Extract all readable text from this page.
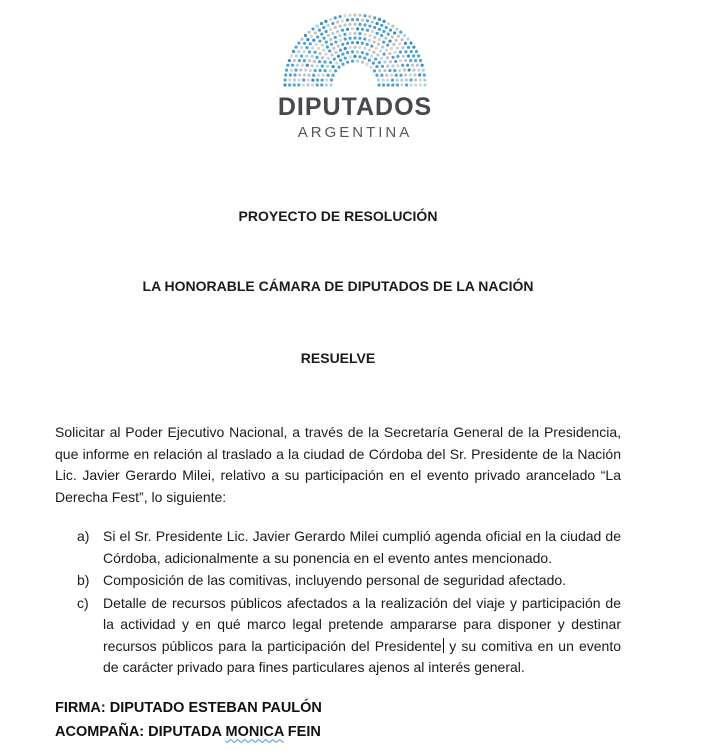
DIPUTADOS
ARGENTINA
PROYECTO DE RESOLUCIÓN
LA HONORABLE CÁMARA DE DIPUTADOS DE LA NACIÓN
RESUELVE
Solicitar al Poder Ejecutivo Nacional, a través de la Secretaría General de la Presidencia, que informe en relación al traslado a la ciudad de Córdoba del Sr. Presidente de la Nación Lic. Javier Gerardo Milei, relativo a su participación en el evento privado arancelado “La Derecha Fest”, lo siguiente:
a) Si el Sr. Presidente Lic. Javier Gerardo Milei cumplió agenda oficial en la ciudad de Córdoba, adicionalmente a su ponencia en el evento antes mencionado.
b) Composición de las comitivas, incluyendo personal de seguridad afectado.
c) Detalle de recursos públicos afectados a la realización del viaje y participación de la actividad y en qué marco legal pretende ampararse para disponer y destinar recursos públicos para la participación del Presidente y su comitiva en un evento de carácter privado para fines particulares ajenos al interés general.
FIRMA: DIPUTADO ESTEBAN PAULÓN
ACOMPAÑA: DIPUTADA MONICA FEIN
